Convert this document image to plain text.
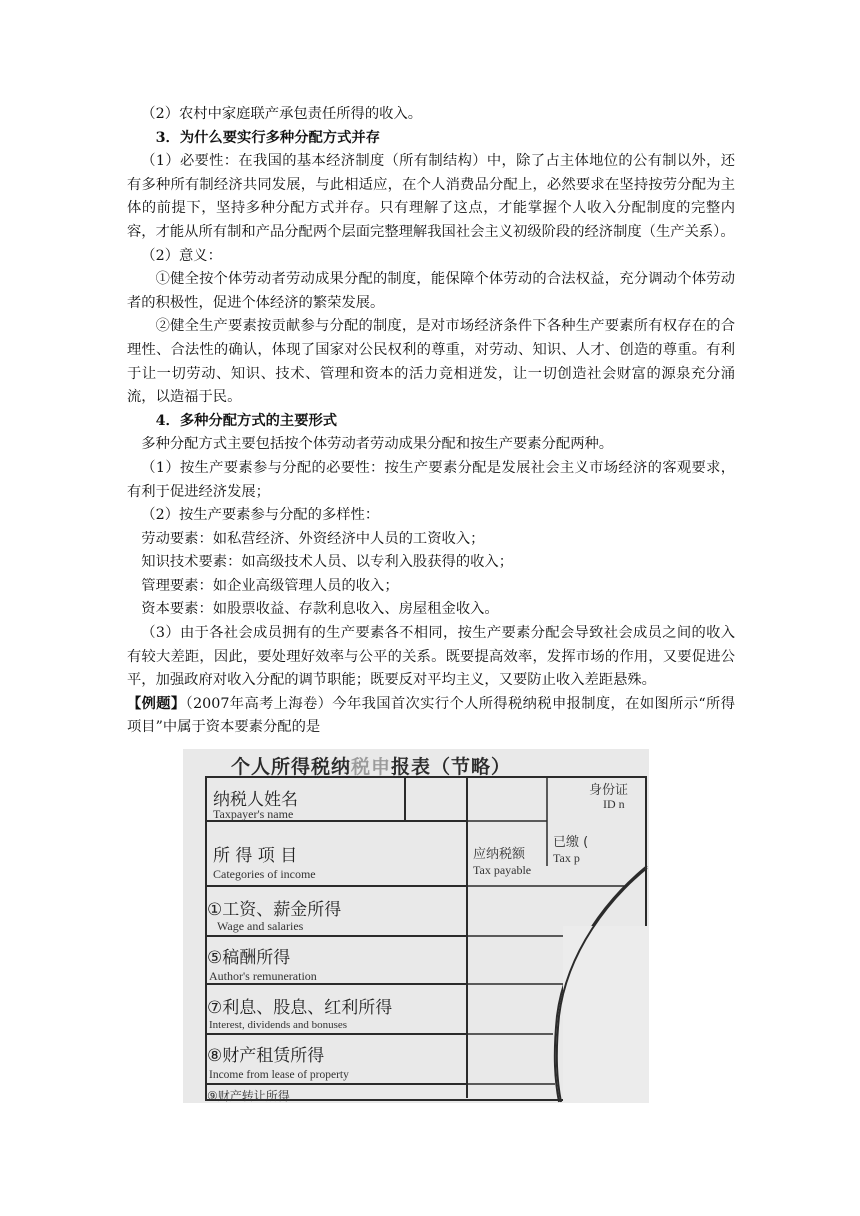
（2）农村中家庭联产承包责任所得的收入。

3．为什么要实行多种分配方式并存

（1）必要性：在我国的基本经济制度（所有制结构）中，除了占主体地位的公有制以外，还有多种所有制经济共同发展，与此相适应，在个人消费品分配上，必然要求在坚持按劳分配为主体的前提下，坚持多种分配方式并存。只有理解了这点，才能掌握个人收入分配制度的完整内容，才能从所有制和产品分配两个层面完整理解我国社会主义初级阶段的经济制度（生产关系）。

（2）意义：

①健全按个体劳动者劳动成果分配的制度，能保障个体劳动的合法权益，充分调动个体劳动者的积极性，促进个体经济的繁荣发展。

②健全生产要素按贡献参与分配的制度，是对市场经济条件下各种生产要素所有权存在的合理性、合法性的确认，体现了国家对公民权利的尊重，对劳动、知识、人才、创造的尊重。有利于让一切劳动、知识、技术、管理和资本的活力竞相迸发，让一切创造社会财富的源泉充分涌流，以造福于民。

4．多种分配方式的主要形式

多种分配方式主要包括按个体劳动者劳动成果分配和按生产要素分配两种。

（1）按生产要素参与分配的必要性：按生产要素分配是发展社会主义市场经济的客观要求，有利于促进经济发展；

（2）按生产要素参与分配的多样性：

劳动要素：如私营经济、外资经济中人员的工资收入；

知识技术要素：如高级技术人员、以专利入股获得的收入；

管理要素：如企业高级管理人员的收入；

资本要素：如股票收益、存款利息收入、房屋租金收入。

（3）由于各社会成员拥有的生产要素各不相同，按生产要素分配会导致社会成员之间的收入有较大差距，因此，要处理好效率与公平的关系。既要提高效率，发挥市场的作用，又要促进公平，加强政府对收入分配的调节职能；既要反对平均主义，又要防止收入差距悬殊。

【例题】（2007年高考上海卷）今年我国首次实行个人所得税纳税申报制度，在如图所示“所得项目”中属于资本要素分配的是

个人所得税纳税申报表（节略）
纳税人姓名
Taxpayer's name
身份证
ID n
所 得 项 目
Categories of income
应纳税额
Tax payable
已缴 (
Tax p
①工资、薪金所得
Wage and salaries
⑤稿酬所得
Author's remuneration
⑦利息、股息、红利所得
Interest, dividends and bonuses
⑧财产租赁所得
Income from lease of property
⑨财产转让所得
